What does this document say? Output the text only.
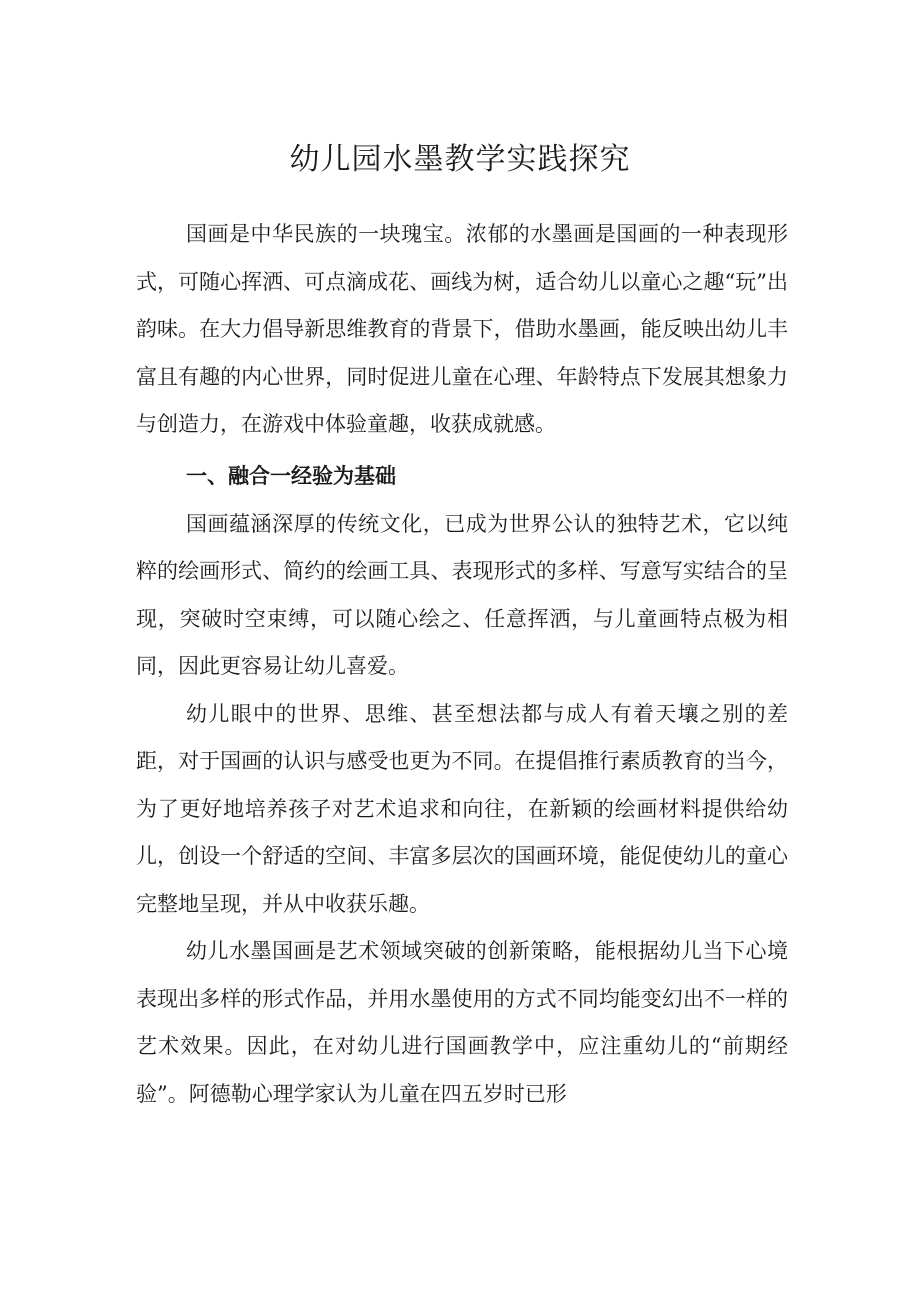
幼儿园水墨教学实践探究

国画是中华民族的一块瑰宝。浓郁的水墨画是国画的一种表现形式，可随心挥洒、可点滴成花、画线为树，适合幼儿以童心之趣“玩”出韵味。在大力倡导新思维教育的背景下，借助水墨画，能反映出幼儿丰富且有趣的内心世界，同时促进儿童在心理、年龄特点下发展其想象力与创造力，在游戏中体验童趣，收获成就感。

一、融合一经验为基础

国画蕴涵深厚的传统文化，已成为世界公认的独特艺术，它以纯粹的绘画形式、简约的绘画工具、表现形式的多样、写意写实结合的呈现，突破时空束缚，可以随心绘之、任意挥洒，与儿童画特点极为相同，因此更容易让幼儿喜爱。

幼儿眼中的世界、思维、甚至想法都与成人有着天壤之别的差距，对于国画的认识与感受也更为不同。在提倡推行素质教育的当今，为了更好地培养孩子对艺术追求和向往，在新颖的绘画材料提供给幼儿，创设一个舒适的空间、丰富多层次的国画环境，能促使幼儿的童心完整地呈现，并从中收获乐趣。

幼儿水墨国画是艺术领域突破的创新策略，能根据幼儿当下心境表现出多样的形式作品，并用水墨使用的方式不同均能变幻出不一样的艺术效果。因此，在对幼儿进行国画教学中，应注重幼儿的“前期经验”。阿德勒心理学家认为儿童在四五岁时已形
